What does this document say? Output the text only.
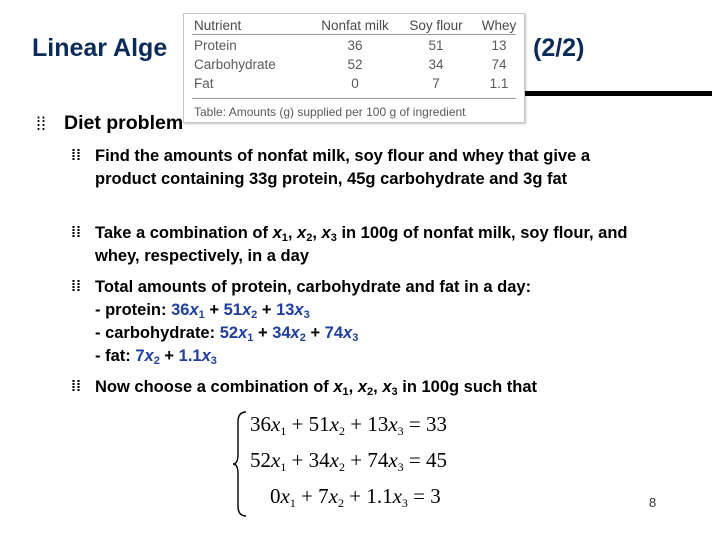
Linear Alge	(2/2)
Nutrient	Nonfat milk	Soy flour	Whey
Protein	36	51	13
Carbohydrate	52	34	74
Fat	0	7	1.1
Table: Amounts (g) supplied per 100 g of ingredient
⁞⁞ Diet problem
⁞⁞ Find the amounts of nonfat milk, soy flour and whey that give a product containing 33g protein, 45g carbohydrate and 3g fat
⁞⁞ Take a combination of $x_1$, $x_2$, $x_3$ in 100g of nonfat milk, soy flour, and whey, respectively, in a day
⁞⁞ Total amounts of protein, carbohydrate and fat in a day:
- protein: $36x_1 + 51x_2 + 13x_3$
- carbohydrate: $52x_1 + 34x_2 + 74x_3$
- fat: $7x_2 + 1.1x_3$
⁞⁞ Now choose a combination of $x_1$, $x_2$, $x_3$ in 100g such that
$36x_1 + 51x_2 + 13x_3 = 33$
$52x_1 + 34x_2 + 74x_3 = 45$
$0x_1 + 7x_2 + 1.1x_3 = 3$	8
